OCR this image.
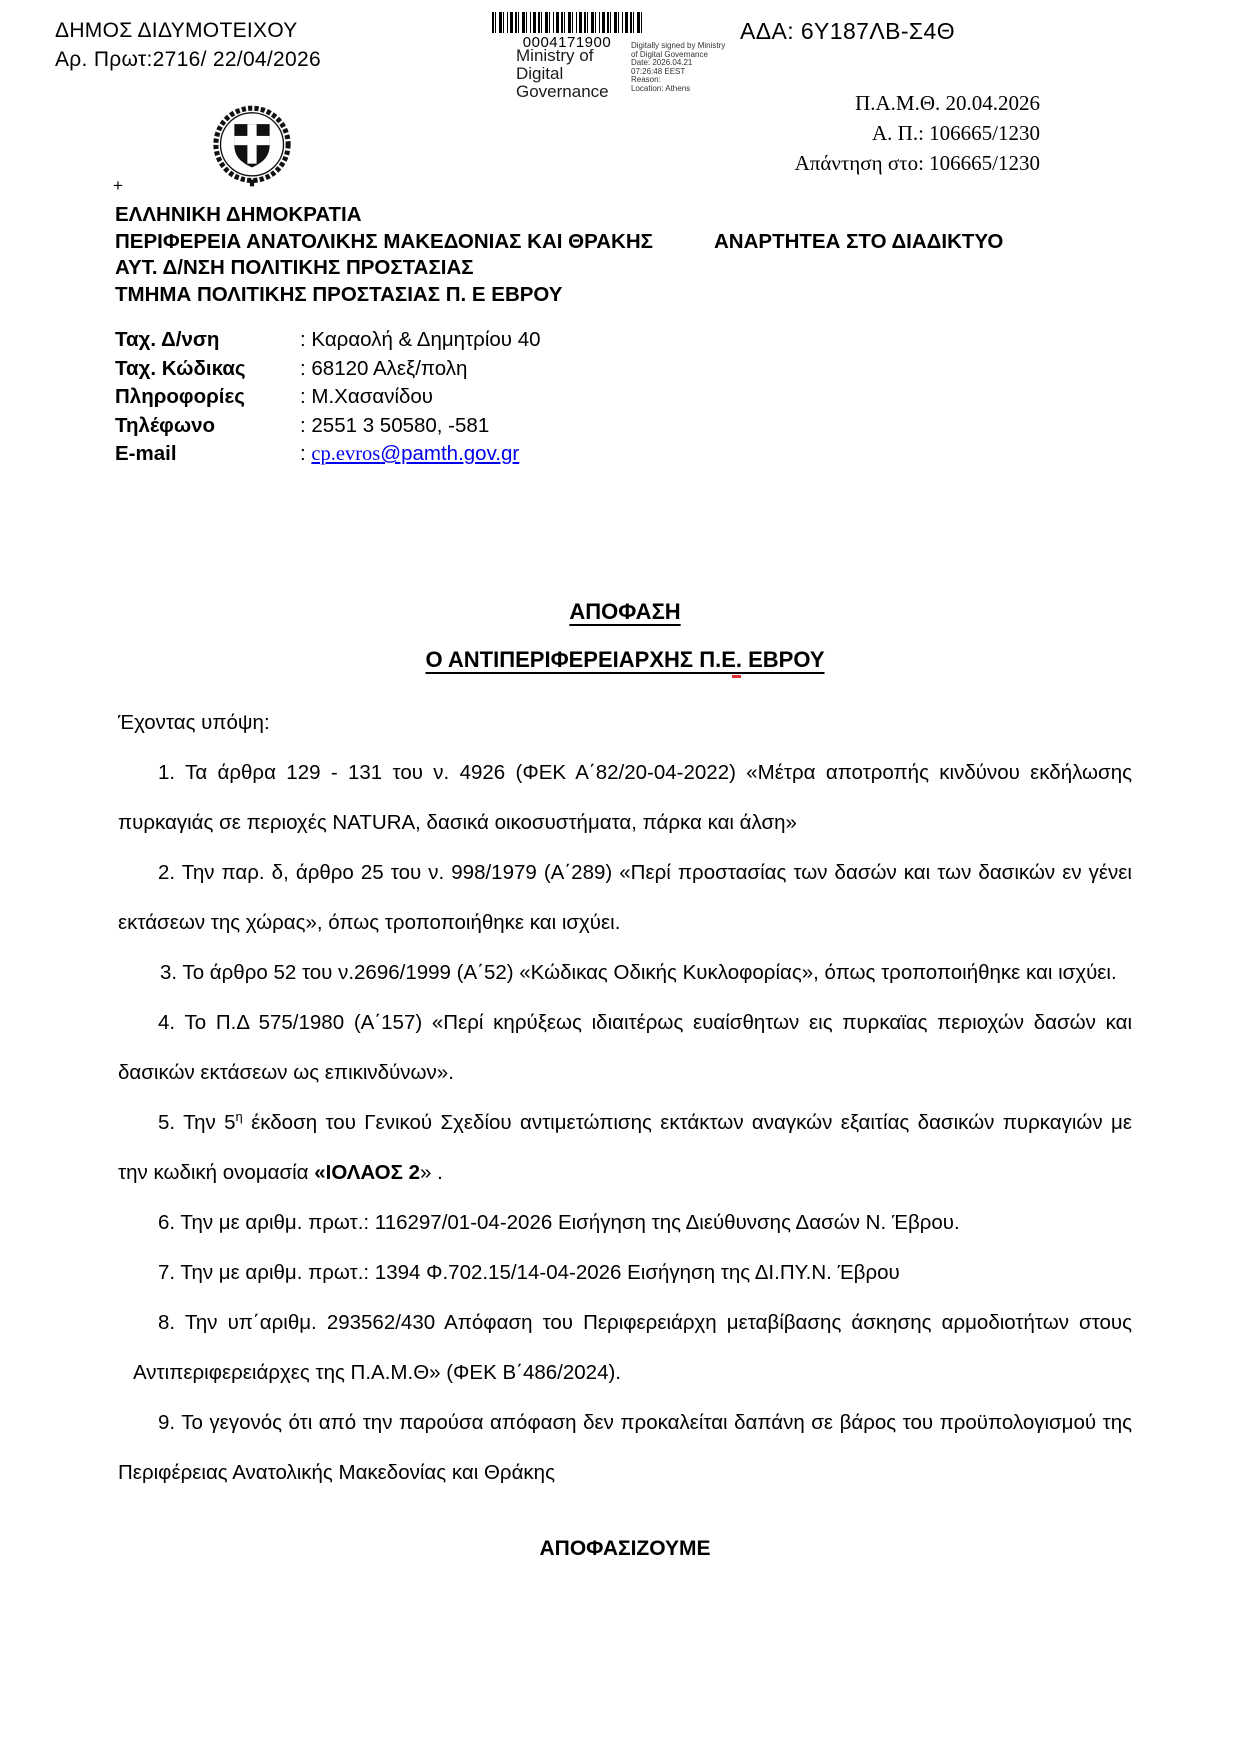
ΔΗΜΟΣ ΔΙΔΥΜΟΤΕΙΧΟΥ
Αρ. Πρωτ:2716/ 22/04/2026
0004171900
Ministry of
Digital
Governance
Digitally signed by Ministry
of Digital Governance
Date: 2026.04.21
07:26:48 EEST
Reason:
Location: Athens
ΑΔΑ: 6Υ187ΛΒ-Σ4Θ
Π.Α.Μ.Θ. 20.04.2026
Α. Π.: 106665/1230
Απάντηση στο: 106665/1230
+
ΕΛΛΗΝΙΚΗ ΔΗΜΟΚΡΑΤΙΑ
ΠΕΡΙΦΕΡΕΙΑ ΑΝΑΤΟΛΙΚΗΣ ΜΑΚΕΔΟΝΙΑΣ ΚΑΙ ΘΡΑΚΗΣ
ΑΥΤ. Δ/ΝΣΗ ΠΟΛΙΤΙΚΗΣ ΠΡΟΣΤΑΣΙΑΣ
ΤΜΗΜΑ ΠΟΛΙΤΙΚΗΣ ΠΡΟΣΤΑΣΙΑΣ Π. Ε ΕΒΡΟΥ
ΑΝΑΡΤΗΤΕΑ ΣΤΟ ΔΙΑΔΙΚΤΥΟ
Ταχ. Δ/νση	: Καραολή & Δημητρίου 40
Ταχ. Κώδικας	: 68120 Αλεξ/πολη
Πληροφορίες	: Μ.Χασανίδου
Τηλέφωνο	: 2551 3 50580, -581
E-mail	: cp.evros@pamth.gov.gr

ΑΠΟΦΑΣΗ

Ο ΑΝΤΙΠΕΡΙΦΕΡΕΙΑΡΧΗΣ Π.Ε. ΕΒΡΟΥ

Έχοντας υπόψη:

1. Τα άρθρα 129 - 131 του ν. 4926 (ΦΕΚ Α΄82/20-04-2022) «Μέτρα αποτροπής κινδύνου εκδήλωσης πυρκαγιάς σε περιοχές NATURA, δασικά οικοσυστήματα, πάρκα και άλση»

2. Την παρ. δ, άρθρο 25 του ν. 998/1979 (Α΄289) «Περί προστασίας των δασών και των δασικών εν γένει εκτάσεων της χώρας», όπως τροποποιήθηκε και ισχύει.

3. Το άρθρο 52 του ν.2696/1999 (Α΄52) «Κώδικας Οδικής Κυκλοφορίας», όπως τροποποιήθηκε και ισχύει.

4. Το Π.Δ 575/1980 (Α΄157) «Περί κηρύξεως ιδιαιτέρως ευαίσθητων εις πυρκαϊας περιοχών δασών και δασικών εκτάσεων ως επικινδύνων».

5. Την $5^\eta$ έκδοση του Γενικού Σχεδίου αντιμετώπισης εκτάκτων αναγκών εξαιτίας δασικών πυρκαγιών με την κωδική ονομασία «ΙΟΛΑΟΣ 2» .

6. Την με αριθμ. πρωτ.: 116297/01-04-2026 Εισήγηση της Διεύθυνσης Δασών Ν. Έβρου.

7. Την με αριθμ. πρωτ.: 1394 Φ.702.15/14-04-2026 Εισήγηση της ΔΙ.ΠΥ.Ν. Έβρου

8. Την υπ΄αριθμ. 293562/430 Απόφαση του Περιφερειάρχη μεταβίβασης άσκησης αρμοδιοτήτων στους Αντιπεριφερειάρχες της Π.Α.Μ.Θ» (ΦΕΚ Β΄486/2024).

9. Το γεγονός ότι από την παρούσα απόφαση δεν προκαλείται δαπάνη σε βάρος του προϋπολογισμού της Περιφέρειας Ανατολικής Μακεδονίας και Θράκης

ΑΠΟΦΑΣΙΖΟΥΜΕ
